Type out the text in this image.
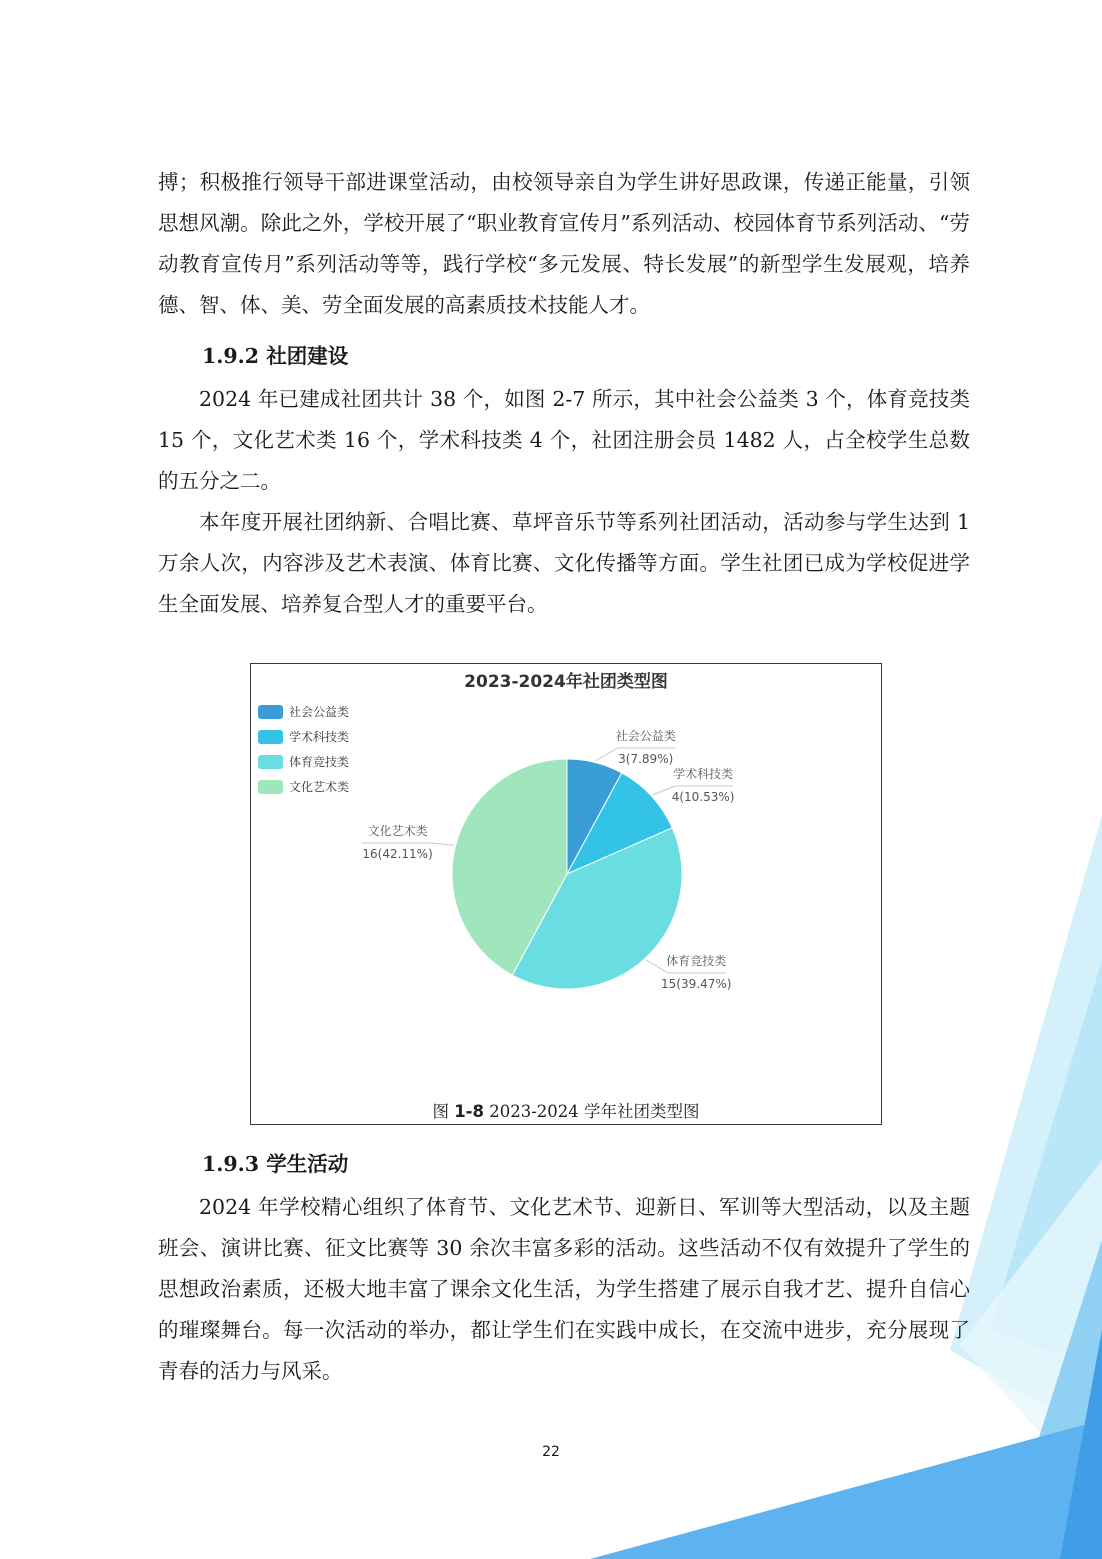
搏；积极推行领导干部进课堂活动，由校领导亲自为学生讲好思政课，传递正能量，引领思想风潮。除此之外，学校开展了“职业教育宣传月”系列活动、校园体育节系列活动、“劳动教育宣传月”系列活动等等，践行学校“多元发展、特长发展”的新型学生发展观，培养德、智、体、美、劳全面发展的高素质技术技能人才。

1.9.2 社团建设

2024 年已建成社团共计 38 个，如图 2-7 所示，其中社会公益类 3 个，体育竞技类 15 个，文化艺术类 16 个，学术科技类 4 个，社团注册会员 1482 人，占全校学生总数的五分之二。

本年度开展社团纳新、合唱比赛、草坪音乐节等系列社团活动，活动参与学生达到 1 万余人次，内容涉及艺术表演、体育比赛、文化传播等方面。学生社团已成为学校促进学生全面发展、培养复合型人才的重要平台。

2023-2024年社团类型图
社会公益类
学术科技类
体育竞技类
文化艺术类
社会公益类
3(7.89%)
学术科技类
4(10.53%)
体育竞技类
15(39.47%)
文化艺术类
16(42.11%)
图 1-8 2023-2024 学年社团类型图
1.9.3 学生活动

2024 年学校精心组织了体育节、文化艺术节、迎新日、军训等大型活动，以及主题班会、演讲比赛、征文比赛等 30 余次丰富多彩的活动。这些活动不仅有效提升了学生的思想政治素质，还极大地丰富了课余文化生活，为学生搭建了展示自我才艺、提升自信心的璀璨舞台。每一次活动的举办，都让学生们在实践中成长，在交流中进步，充分展现了青春的活力与风采。

22
